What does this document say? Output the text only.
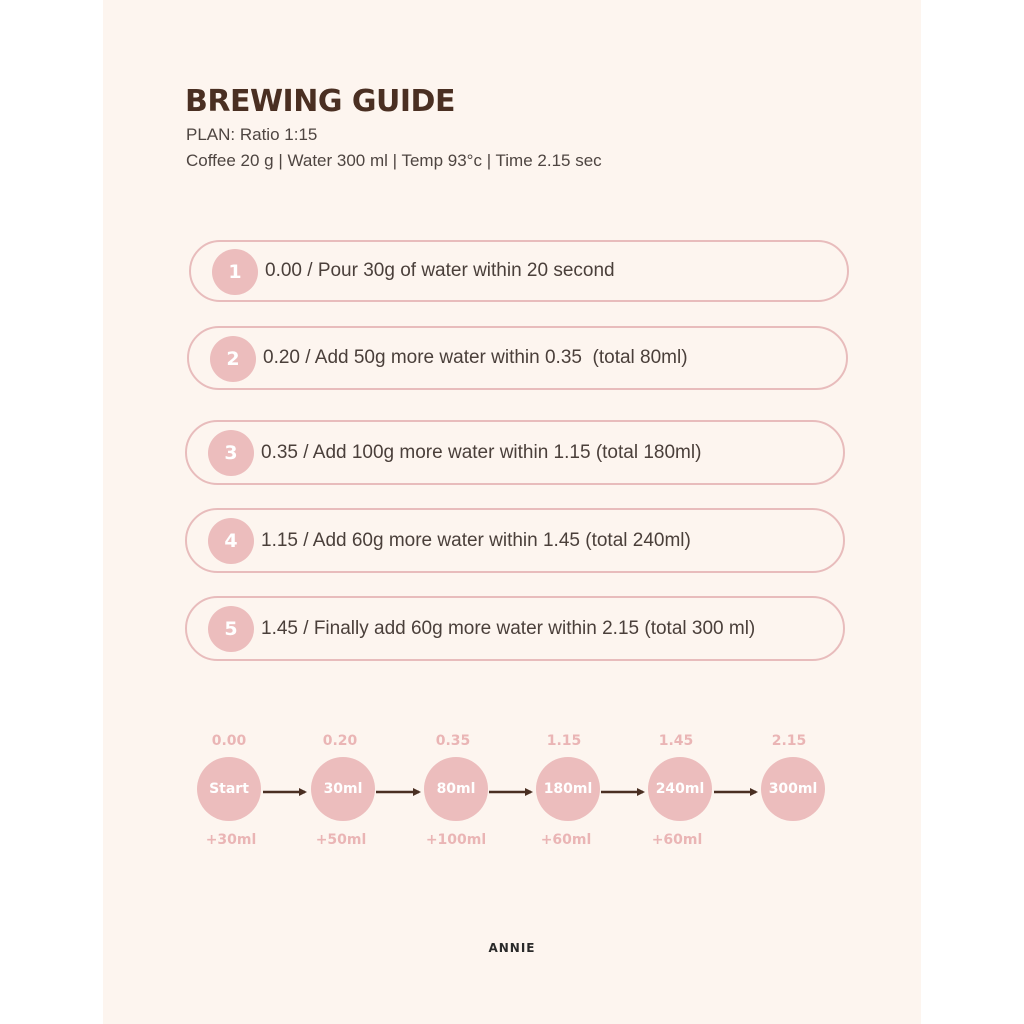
BREWING GUIDE
PLAN: Ratio 1:15
Coffee 20 g | Water 300 ml | Temp 93°c | Time 2.15 sec
1	0.00 / Pour 30g of water within 20 second
2	0.20 / Add 50g more water within 0.35  (total 80ml)
3	0.35 / Add 100g more water within 1.15 (total 180ml)
4	1.15 / Add 60g more water within 1.45 (total 240ml)
5	1.45 / Finally add 60g more water within 2.15 (total 300 ml)
0.00	0.20	0.35	1.15	1.45	2.15
Start	30ml	80ml	180ml	240ml	300ml
+30ml	+50ml	+100ml	+60ml	+60ml
ANNIE
